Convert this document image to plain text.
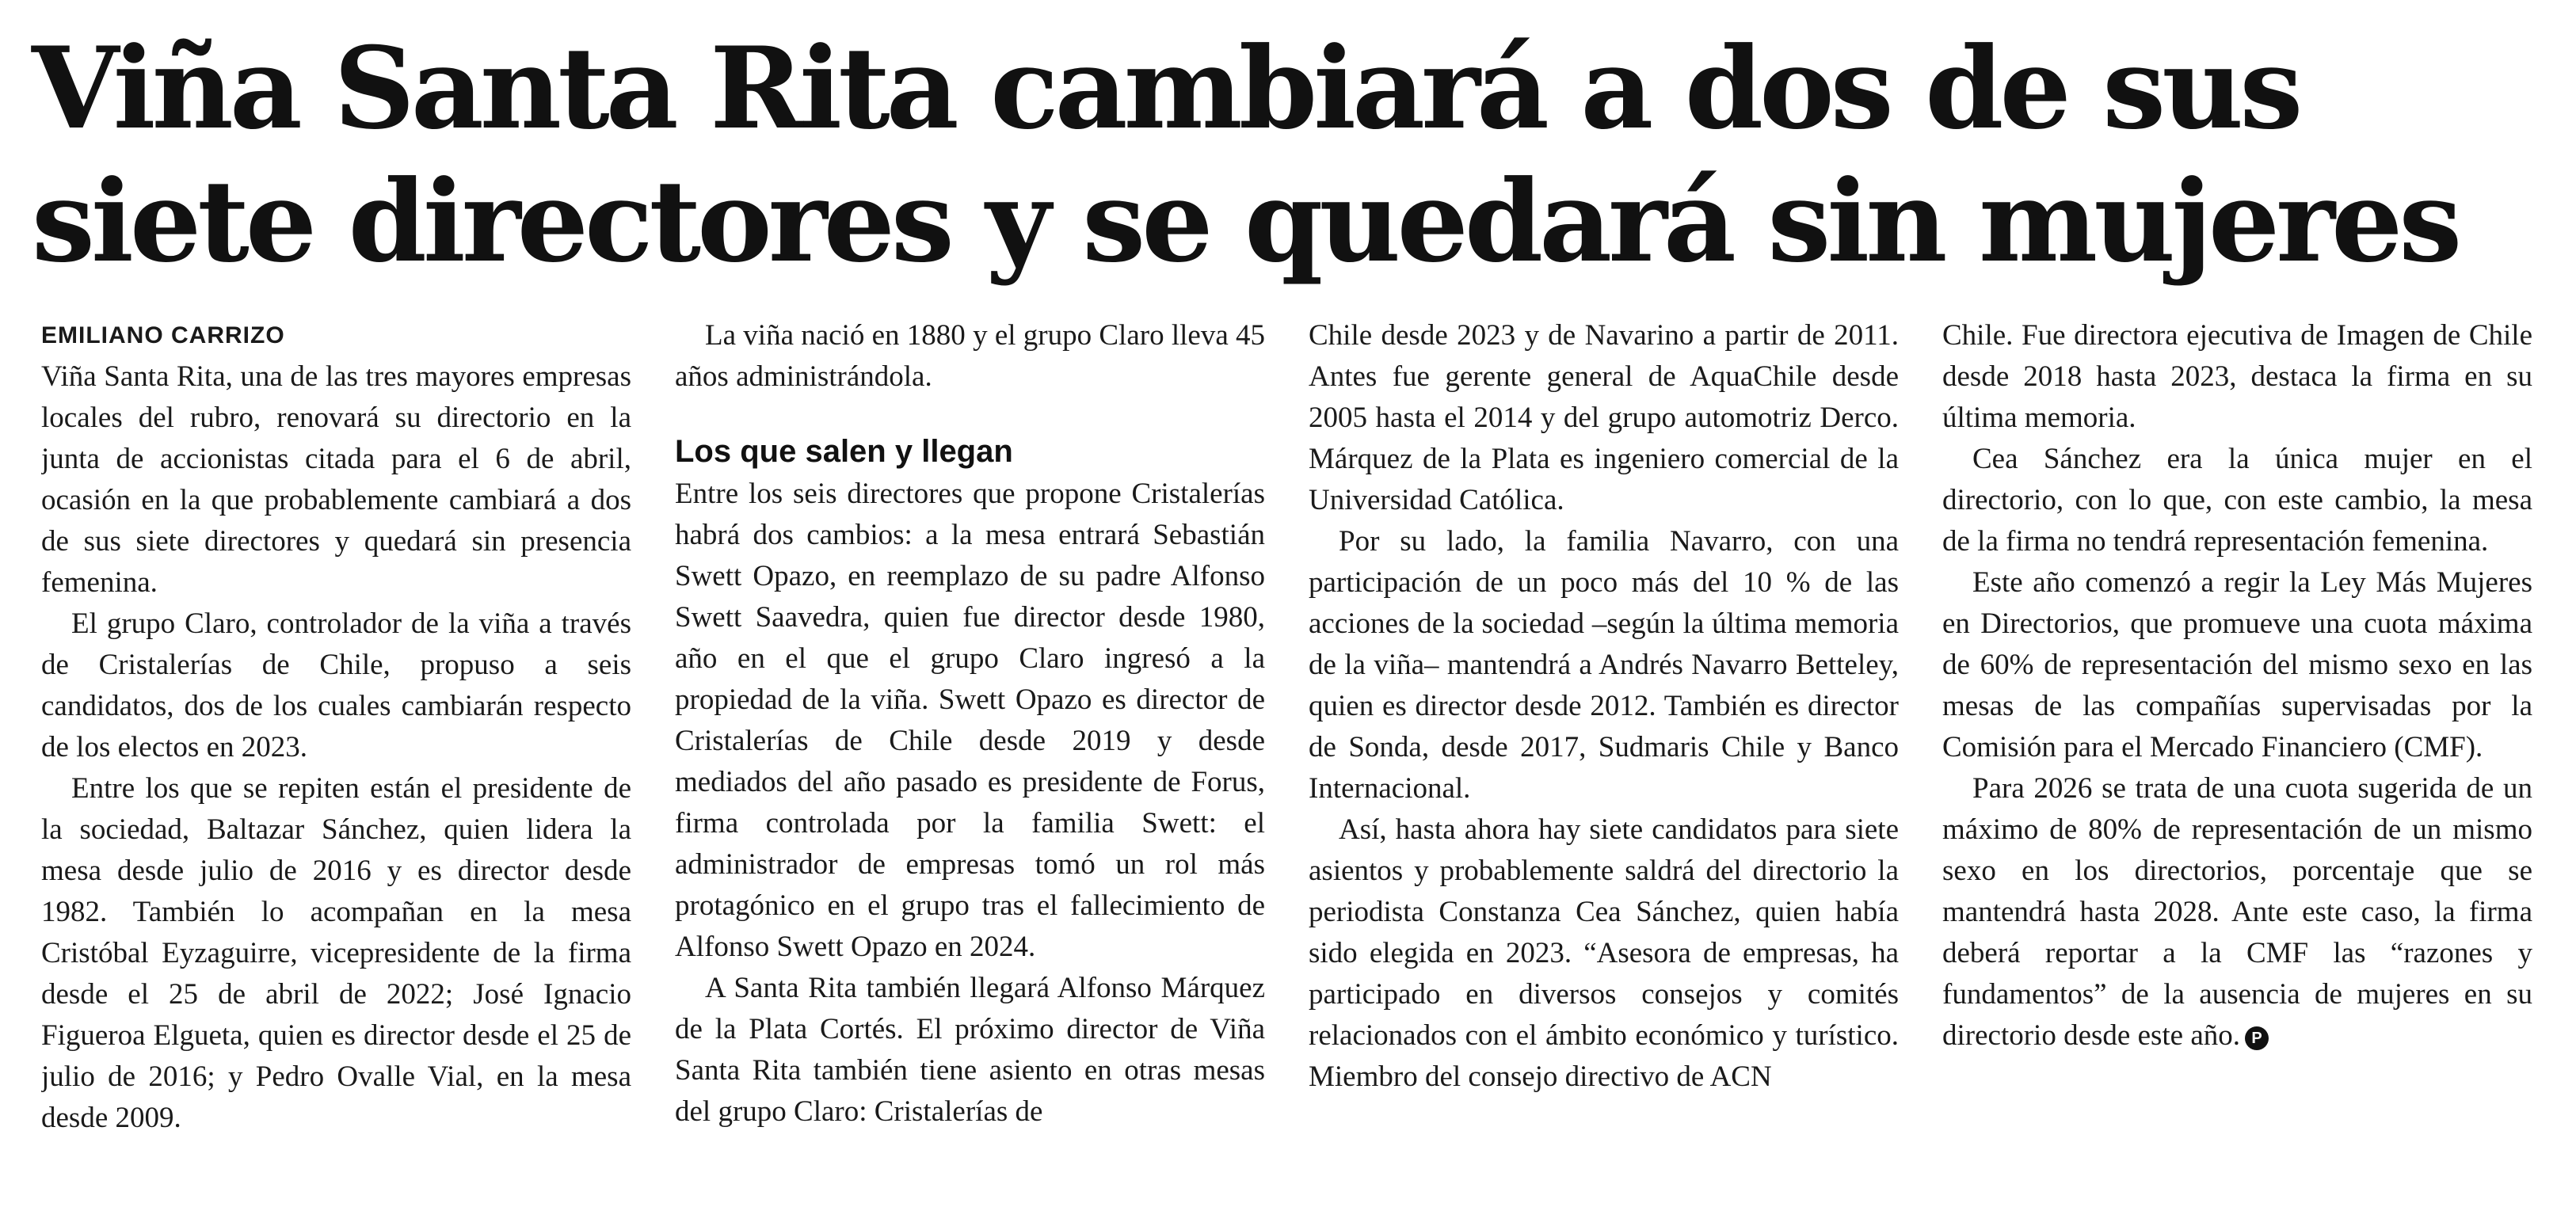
Viña Santa Rita cambiará a dos de sus
siete directores y se quedará sin mujeres
EMILIANO CARRIZO

Viña Santa Rita, una de las tres mayores empresas locales del rubro, renovará su directorio en la junta de accionistas citada para el 6 de abril, ocasión en la que probablemente cambiará a dos de sus siete directores y quedará sin presencia femenina.

El grupo Claro, controlador de la viña a través de Cristalerías de Chile, propuso a seis candidatos, dos de los cuales cambiarán respecto de los electos en 2023.

Entre los que se repiten están el presidente de la sociedad, Baltazar Sánchez, quien lidera la mesa desde julio de 2016 y es director desde 1982. También lo acompañan en la mesa Cristóbal Eyzaguirre, vicepresidente de la firma desde el 25 de abril de 2022; José Ignacio Figueroa Elgueta, quien es director desde el 25 de julio de 2016; y Pedro Ovalle Vial, en la mesa desde 2009.

La viña nació en 1880 y el grupo Claro lleva 45 años administrándola.

Los que salen y llegan

Entre los seis directores que propone Cristalerías habrá dos cambios: a la mesa entrará Sebastián Swett Opazo, en reemplazo de su padre Alfonso Swett Saavedra, quien fue director desde 1980, año en el que el grupo Claro ingresó a la propiedad de la viña. Swett Opazo es director de Cristalerías de Chile desde 2019 y desde mediados del año pasado es presidente de Forus, firma controlada por la familia Swett: el administrador de empresas tomó un rol más protagónico en el grupo tras el fallecimiento de Alfonso Swett Opazo en 2024.

A Santa Rita también llegará Alfonso Márquez de la Plata Cortés. El próximo director de Viña Santa Rita también tiene asiento en otras mesas del grupo Claro: Cristalerías de

Chile desde 2023 y de Navarino a partir de 2011. Antes fue gerente general de AquaChile desde 2005 hasta el 2014 y del grupo automotriz Derco. Márquez de la Plata es ingeniero comercial de la Universidad Católica.

Por su lado, la familia Navarro, con una participación de un poco más del 10 % de las acciones de la sociedad –según la última memoria de la viña– mantendrá a Andrés Navarro Betteley, quien es director desde 2012. También es director de Sonda, desde 2017, Sudmaris Chile y Banco Internacional.

Así, hasta ahora hay siete candidatos para siete asientos y probablemente saldrá del directorio la periodista Constanza Cea Sánchez, quien había sido elegida en 2023. “Asesora de empresas, ha participado en diversos consejos y comités relacionados con el ámbito económico y turístico. Miembro del consejo directivo de ACN

Chile. Fue directora ejecutiva de Imagen de Chile desde 2018 hasta 2023, destaca la firma en su última memoria.

Cea Sánchez era la única mujer en el directorio, con lo que, con este cambio, la mesa de la firma no tendrá representación femenina.

Este año comenzó a regir la Ley Más Mujeres en Directorios, que promueve una cuota máxima de 60% de representación del mismo sexo en las mesas de las compañías supervisadas por la Comisión para el Mercado Financiero (CMF).

Para 2026 se trata de una cuota sugerida de un máximo de 80% de representación de un mismo sexo en los directorios, porcentaje que se mantendrá hasta 2028. Ante este caso, la firma deberá reportar a la CMF las “razones y fundamentos” de la ausencia de mujeres en su directorio desde este año. P
